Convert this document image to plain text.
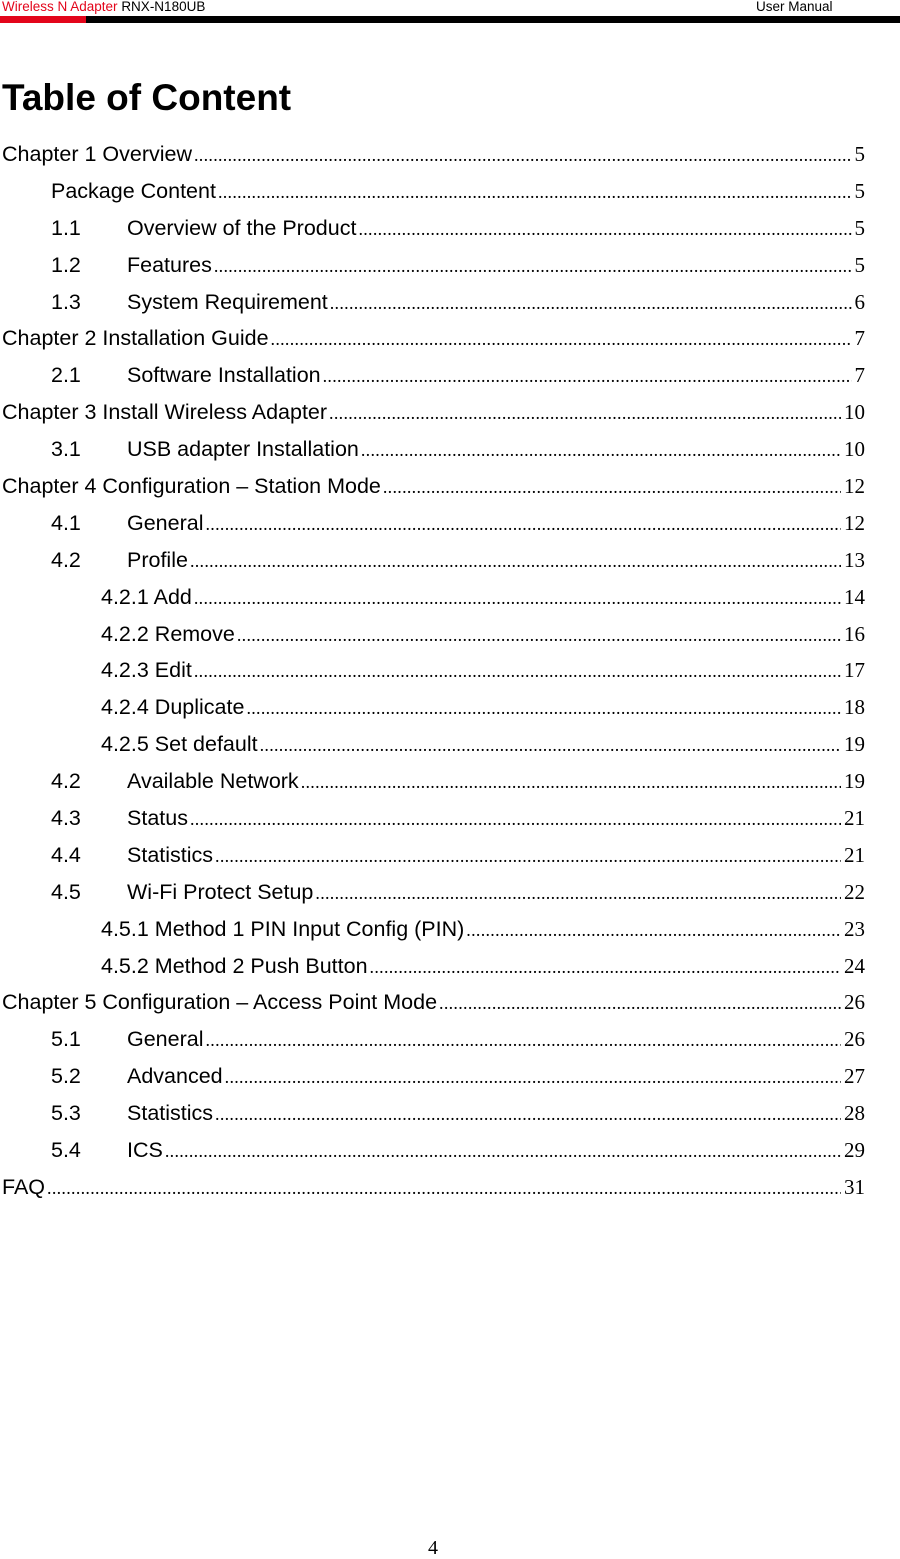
Wireless N Adapter RNX-N180UB	User Manual
Table of Content
Chapter 1 Overview .....	5
Package Content .....	5
1.1	Overview of the Product .....	5
1.2	Features .....	5
1.3	System Requirement .....	6
Chapter 2 Installation Guide .....	7
2.1	Software Installation .....	7
Chapter 3 Install Wireless Adapter .....	10
3.1	USB adapter Installation .....	10
Chapter 4 Configuration – Station Mode .....	12
4.1	General .....	12
4.2	Profile .....	13
4.2.1 Add .....	14
4.2.2 Remove .....	16
4.2.3 Edit .....	17
4.2.4 Duplicate .....	18
4.2.5 Set default .....	19
4.2	Available Network .....	19
4.3	Status .....	21
4.4	Statistics .....	21
4.5	Wi-Fi Protect Setup .....	22
4.5.1 Method 1 PIN Input Config (PIN) .....	23
4.5.2 Method 2 Push Button .....	24
Chapter 5 Configuration – Access Point Mode .....	26
5.1	General .....	26
5.2	Advanced .....	27
5.3	Statistics .....	28
5.4	ICS .....	29
FAQ .....	31
4
